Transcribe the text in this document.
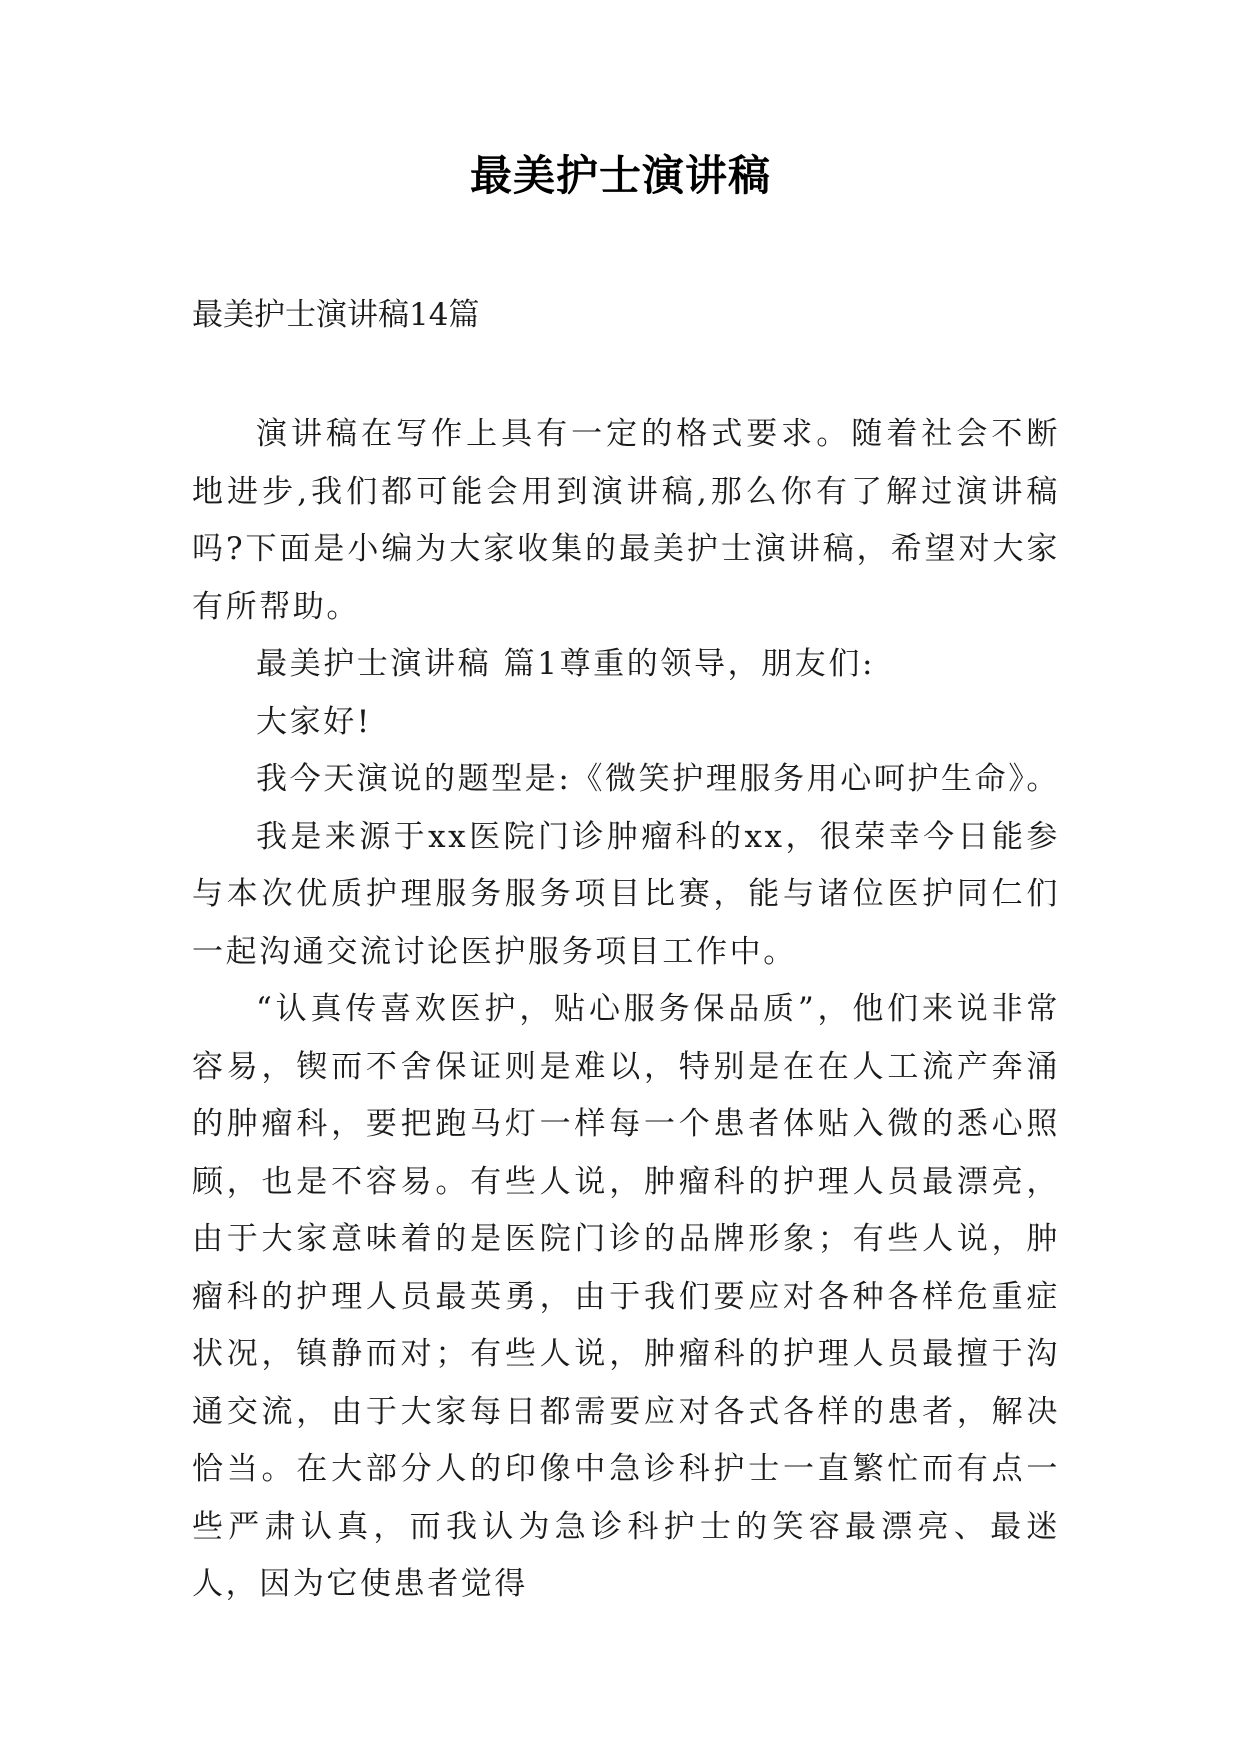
最美护士演讲稿
最美护士演讲稿14篇

演讲稿在写作上具有一定的格式要求。随着社会不断地进步,我们都可能会用到演讲稿,那么你有了解过演讲稿吗?下面是小编为大家收集的最美护士演讲稿，希望对大家有所帮助。

最美护士演讲稿 篇1尊重的领导，朋友们:

大家好!

我今天演说的题型是:《微笑护理服务用心呵护生命》。

我是来源于xx医院门诊肿瘤科的xx，很荣幸今日能参与本次优质护理服务服务项目比赛，能与诸位医护同仁们一起沟通交流讨论医护服务项目工作中。

“认真传喜欢医护，贴心服务保品质”，他们来说非常容易，锲而不舍保证则是难以，特别是在在人工流产奔涌的肿瘤科，要把跑马灯一样每一个患者体贴入微的悉心照顾，也是不容易。有些人说，肿瘤科的护理人员最漂亮，由于大家意味着的是医院门诊的品牌形象；有些人说，肿瘤科的护理人员最英勇，由于我们要应对各种各样危重症状况，镇静而对；有些人说，肿瘤科的护理人员最擅于沟通交流，由于大家每日都需要应对各式各样的患者，解决恰当。在大部分人的印像中急诊科护士一直繁忙而有点一些严肃认真，而我认为急诊科护士的笑容最漂亮、最迷人，因为它使患者觉得
